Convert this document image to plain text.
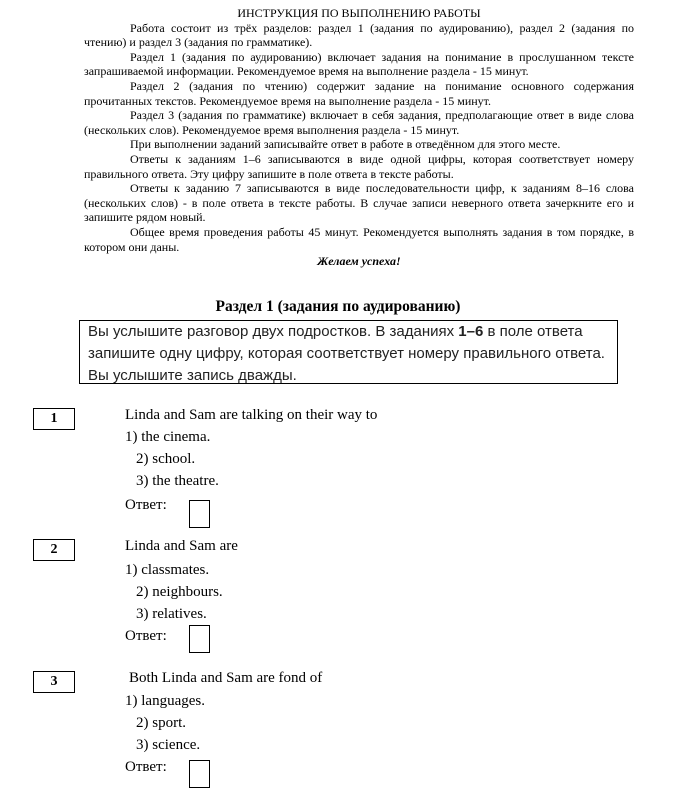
ИНСТРУКЦИЯ ПО ВЫПОЛНЕНИЮ РАБОТЫ

Работа состоит из трёх разделов: раздел 1 (задания по аудированию), раздел 2 (задания по чтению) и раздел 3 (задания по грамматике).

Раздел 1 (задания по аудированию) включает задания на понимание в прослушанном тексте запрашиваемой информации. Рекомендуемое время на выполнение раздела - 15 минут.

Раздел 2 (задания по чтению) содержит задание на понимание основного содержания прочитанных текстов. Рекомендуемое время на выполнение раздела - 15 минут.

Раздел 3 (задания по грамматике) включает в себя задания, предполагающие ответ в виде слова (нескольких слов). Рекомендуемое время выполнения раздела - 15 минут.

При выполнении заданий записывайте ответ в работе в отведённом для этого месте.

Ответы к заданиям 1–6 записываются в виде одной цифры, которая соответствует номеру правильного ответа. Эту цифру запишите в поле ответа в тексте работы.

Ответы к заданию 7 записываются в виде последовательности цифр, к заданиям 8–16 слова (нескольких слов) - в поле ответа в тексте работы. В случае записи неверного ответа зачеркните его и запишите рядом новый.

Общее время проведения работы 45 минут. Рекомендуется выполнять задания в том порядке, в котором они даны.

Желаем успеха!

Раздел 1 (задания по аудированию)
Вы услышите разговор двух подростков. В заданиях 1–6 в поле ответа запишите одну цифру, которая соответствует номеру правильного ответа. Вы услышите запись дважды.
1	Linda and Sam are talking on their way to
1) the cinema.
2) school.
3) the theatre.
Ответ:
2	Linda and Sam are
1) classmates.
2) neighbours.
3) relatives.
Ответ:
3	Both Linda and Sam are fond of
1) languages.
2) sport.
3) science.
Ответ:
